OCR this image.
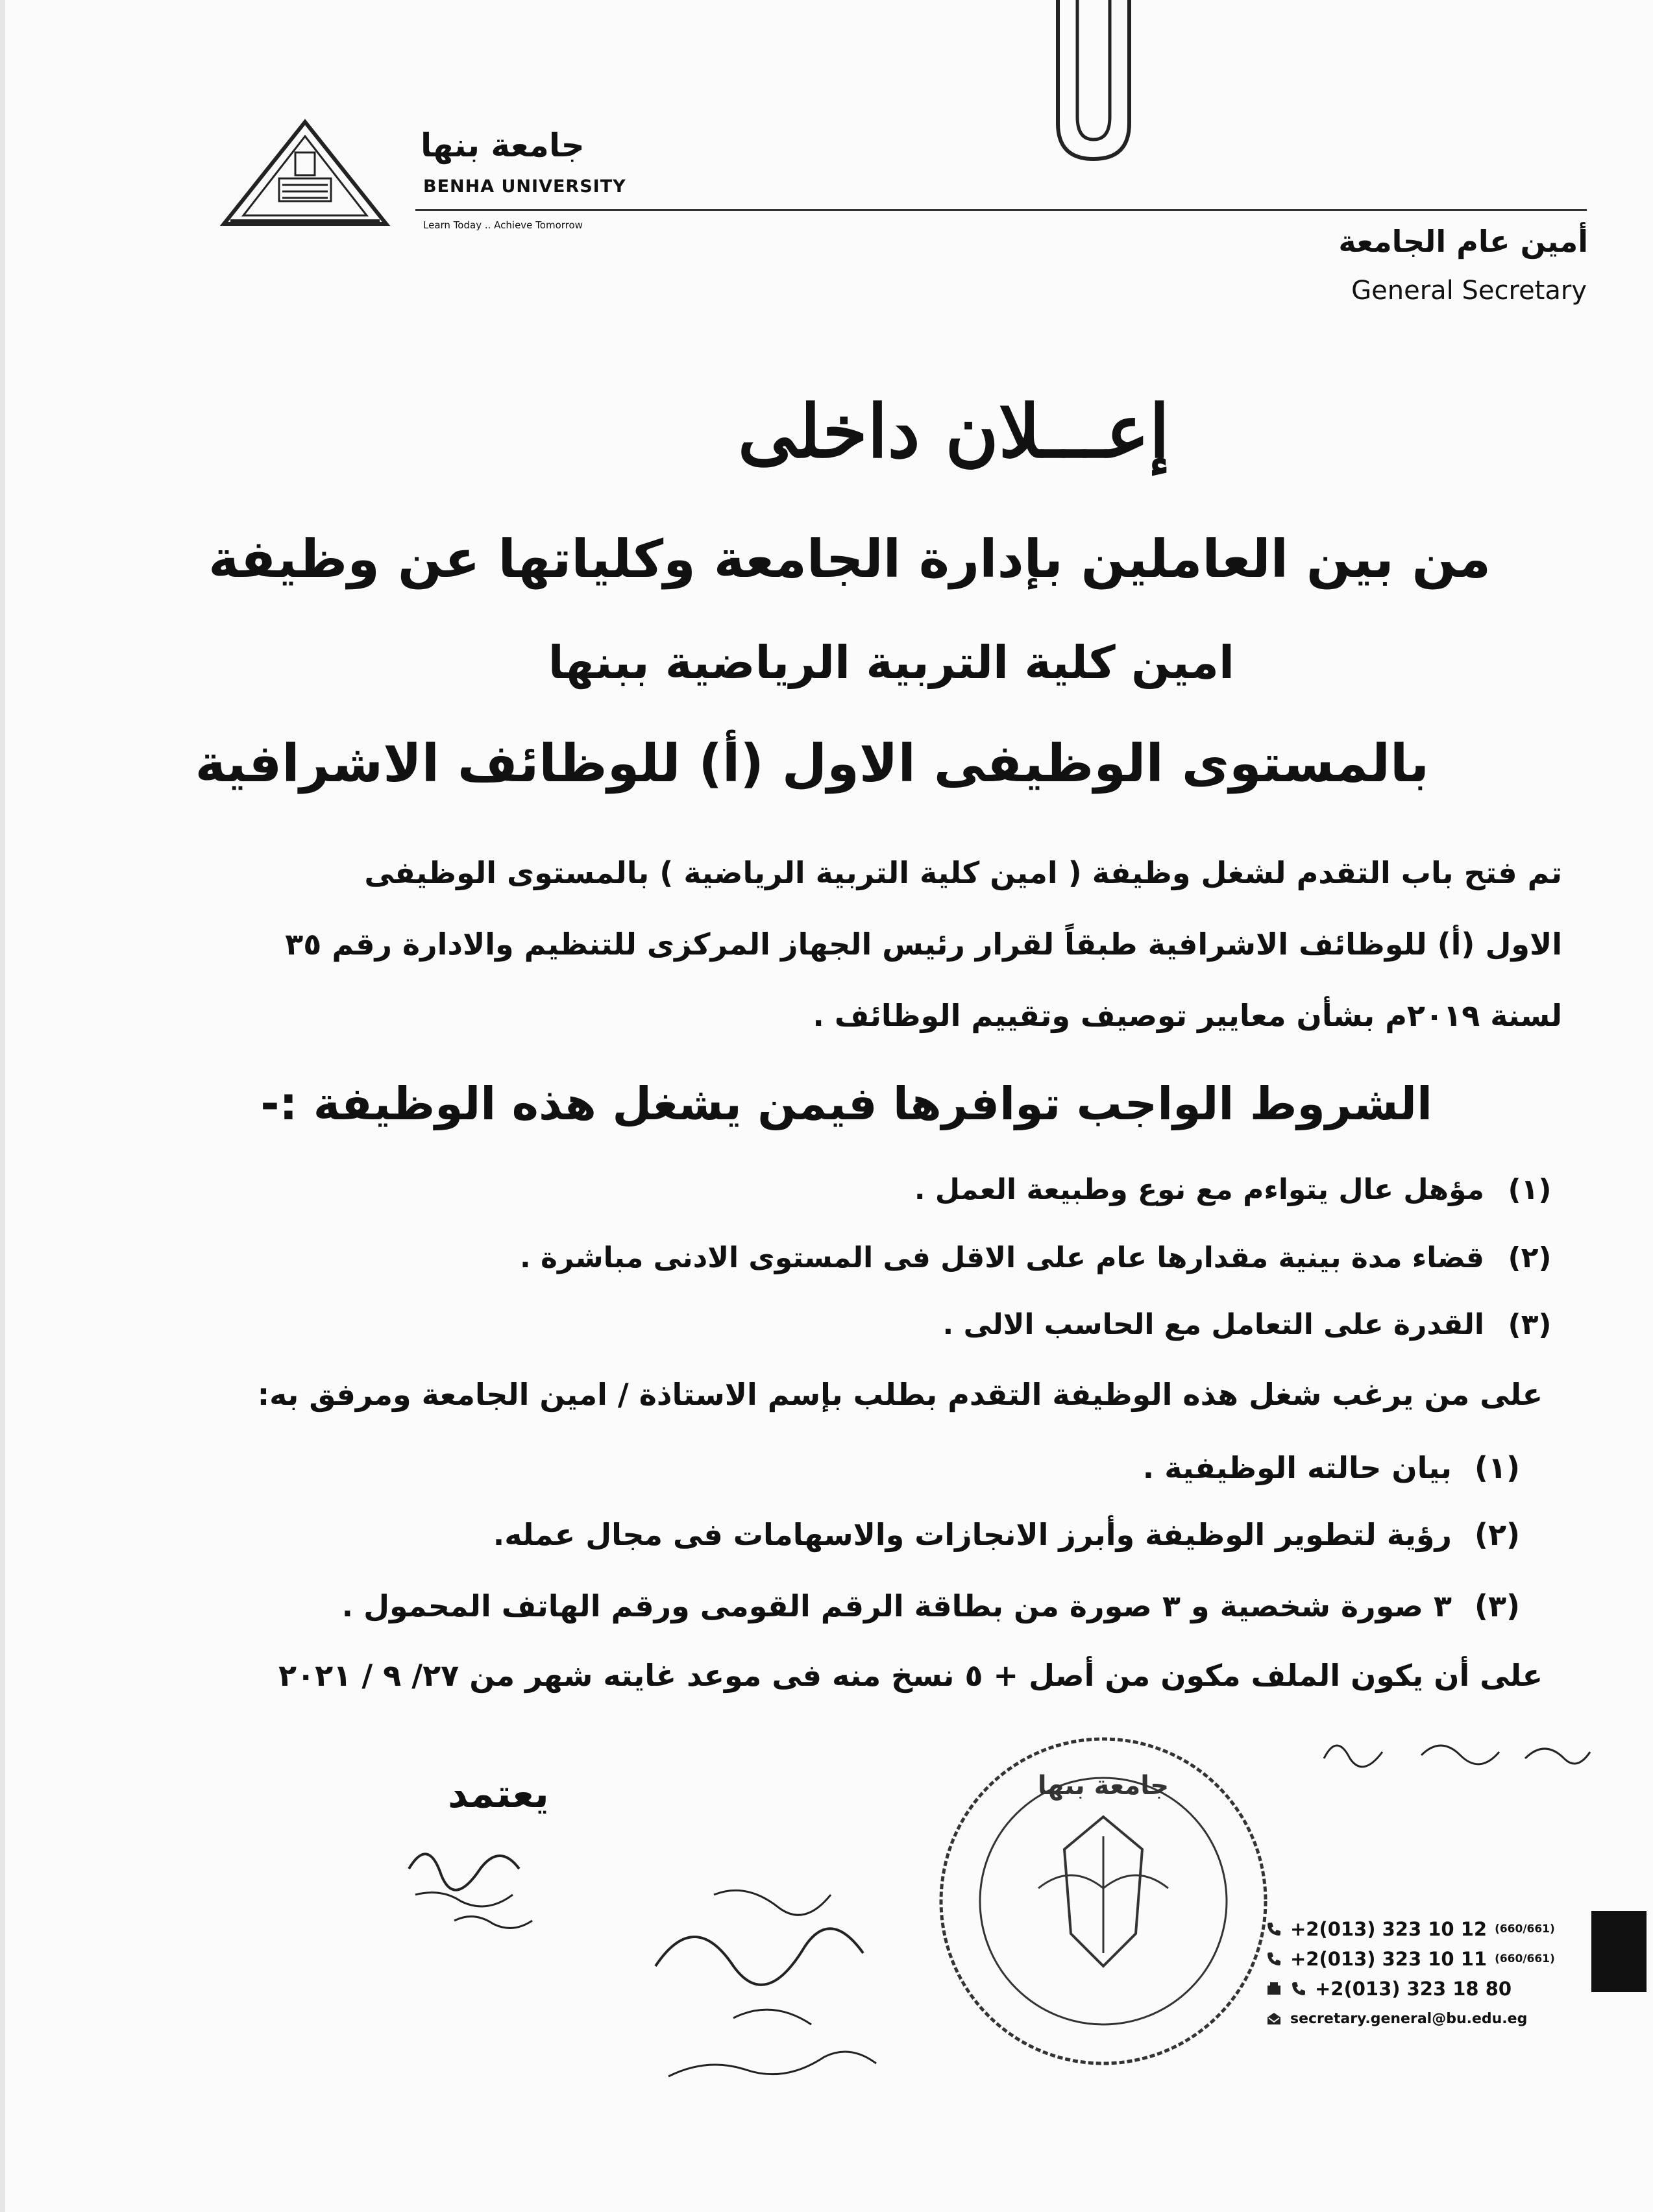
جامعة بنها
BENHA UNIVERSITY
Learn Today .. Achieve Tomorrow	أمين عام الجامعة
General Secretary
إعـــلان داخلى
من بين العاملين بإدارة الجامعة وكلياتها عن وظيفة
امين كلية التربية الرياضية ببنها
بالمستوى الوظيفى الاول (أ) للوظائف الاشرافية
تم فتح باب التقدم لشغل وظيفة ( امين كلية التربية الرياضية ) بالمستوى الوظيفى
الاول (أ) للوظائف الاشرافية طبقاً لقرار رئيس الجهاز المركزى للتنظيم والادارة رقم ٣٥
لسنة ٢٠١٩م بشأن معايير توصيف وتقييم الوظائف .
الشروط الواجب توافرها فيمن يشغل هذه الوظيفة :-
(١)مؤهل عال يتواءم مع نوع وطبيعة العمل .
(٢)قضاء مدة بينية مقدارها عام على الاقل فى المستوى الادنى مباشرة .
(٣)القدرة على التعامل مع الحاسب الالى .
على من يرغب شغل هذه الوظيفة التقدم بطلب بإسم الاستاذة / امين الجامعة ومرفق به:
(١)بيان حالته الوظيفية .
(٢)رؤية لتطوير الوظيفة وأبرز الانجازات والاسهامات فى مجال عمله.
(٣)٣ صورة شخصية و ٣ صورة من بطاقة الرقم القومى ورقم الهاتف المحمول .
على أن يكون الملف مكون من أصل + ٥ نسخ منه فى موعد غايته شهر من ٢٧/ ٩ / ٢٠٢١
يعتمد	جامعة بنها
+2(013) 323 10 12 (660/661)
+2(013) 323 10 11 (660/661)
+2(013) 323 18 80
secretary.general@bu.edu.eg
